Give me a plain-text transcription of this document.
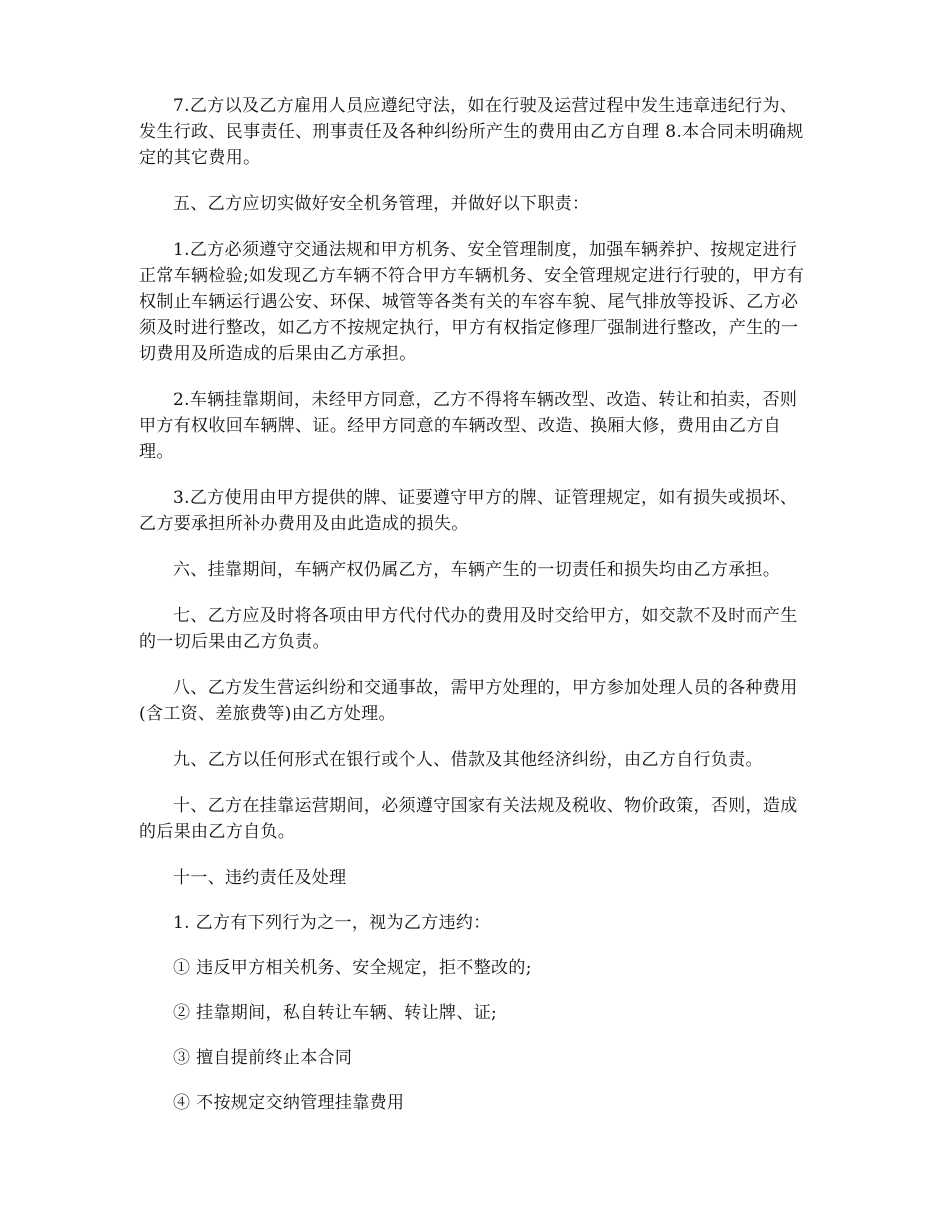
7.乙方以及乙方雇用人员应遵纪守法，如在行驶及运营过程中发生违章违纪行为、发生行政、民事责任、刑事责任及各种纠纷所产生的费用由乙方自理 8.本合同未明确规定的其它费用。

五、乙方应切实做好安全机务管理，并做好以下职责：

1.乙方必须遵守交通法规和甲方机务、安全管理制度，加强车辆养护、按规定进行正常车辆检验;如发现乙方车辆不符合甲方车辆机务、安全管理规定进行行驶的，甲方有权制止车辆运行遇公安、环保、城管等各类有关的车容车貌、尾气排放等投诉、乙方必须及时进行整改，如乙方不按规定执行，甲方有权指定修理厂强制进行整改，产生的一切费用及所造成的后果由乙方承担。

2.车辆挂靠期间，未经甲方同意，乙方不得将车辆改型、改造、转让和拍卖，否则甲方有权收回车辆牌、证。经甲方同意的车辆改型、改造、换厢大修，费用由乙方自理。

3.乙方使用由甲方提供的牌、证要遵守甲方的牌、证管理规定，如有损失或损坏、乙方要承担所补办费用及由此造成的损失。

六、挂靠期间，车辆产权仍属乙方，车辆产生的一切责任和损失均由乙方承担。

七、乙方应及时将各项由甲方代付代办的费用及时交给甲方，如交款不及时而产生的一切后果由乙方负责。

八、乙方发生营运纠纷和交通事故，需甲方处理的，甲方参加处理人员的各种费用(含工资、差旅费等)由乙方处理。

九、乙方以任何形式在银行或个人、借款及其他经济纠纷，由乙方自行负责。

十、乙方在挂靠运营期间，必须遵守国家有关法规及税收、物价政策，否则，造成的后果由乙方自负。

十一、违约责任及处理

1. 乙方有下列行为之一，视为乙方违约：

① 违反甲方相关机务、安全规定，拒不整改的;

② 挂靠期间，私自转让车辆、转让牌、证;

③ 擅自提前终止本合同

④ 不按规定交纳管理挂靠费用
